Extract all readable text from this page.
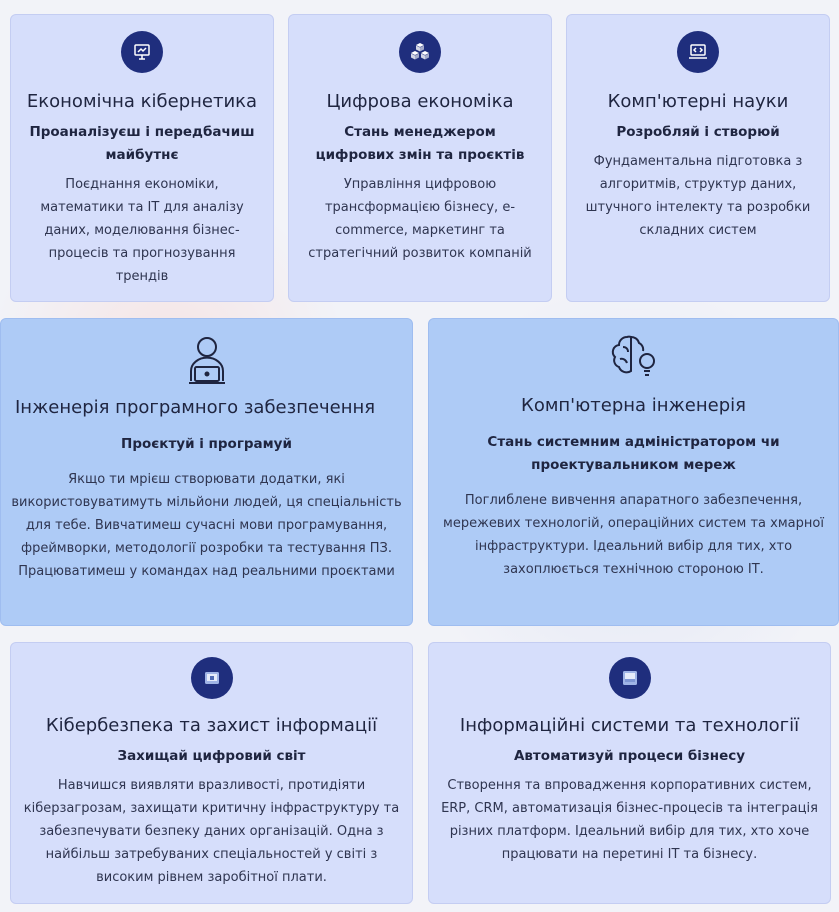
Економічна кібернетика
Проаналізуєш і передбачиш майбутнє
Поєднання економіки, математики та ІТ для аналізу даних, моделювання бізнес-процесів та прогнозування трендів
Цифрова економіка
Стань менеджером цифрових змін та проєктів
Управління цифровою трансформацією бізнесу, e-commerce, маркетинг та стратегічний розвиток компаній
Комп'ютерні науки
Розробляй і створюй
Фундаментальна підготовка з алгоритмів, структур даних, штучного інтелекту та розробки складних систем
Інженерія програмного забезпечення
Проєктуй і програмуй
Якщо ти мрієш створювати додатки, які використовуватимуть мільйони людей, ця спеціальність для тебе. Вивчатимеш сучасні мови програмування, фреймворки, методології розробки та тестування ПЗ. Працюватимеш у командах над реальними проєктами
Комп'ютерна інженерія
Стань системним адміністратором чи проектувальником мереж
Поглиблене вивчення апаратного забезпечення, мережевих технологій, операційних систем та хмарної інфраструктури. Ідеальний вибір для тих, хто захоплюється технічною стороною ІТ.
Кібербезпека та захист інформації
Захищай цифровий світ
Навчишся виявляти вразливості, протидіяти кіберзагрозам, захищати критичну інфраструктуру та забезпечувати безпеку даних організацій. Одна з найбільш затребуваних спеціальностей у світі з високим рівнем заробітної плати.
Інформаційні системи та технології
Автоматизуй процеси бізнесу
Створення та впровадження корпоративних систем, ERP, CRM, автоматизація бізнес-процесів та інтеграція різних платформ. Ідеальний вибір для тих, хто хоче працювати на перетині ІТ та бізнесу.
